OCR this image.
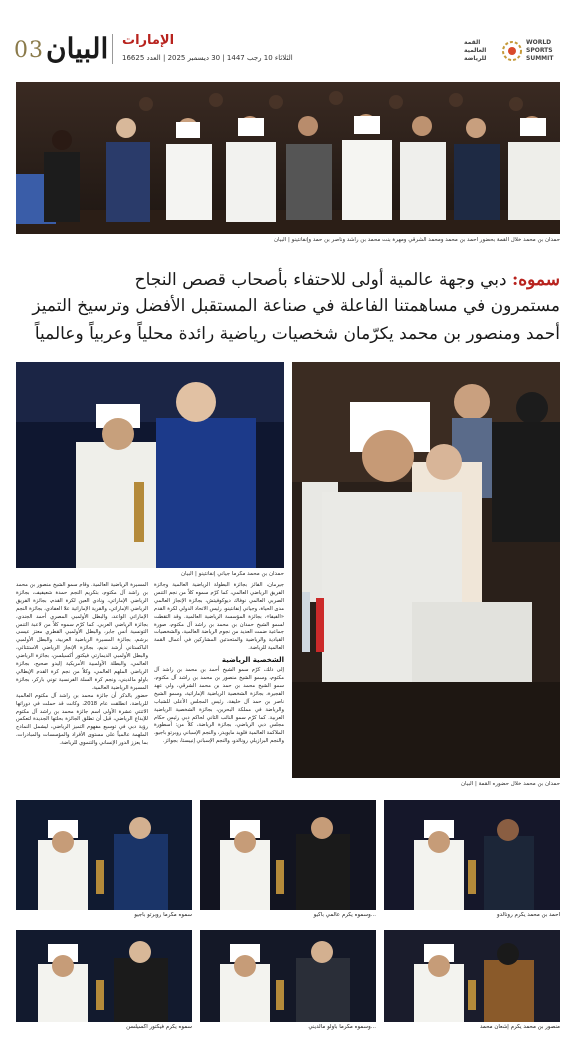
03 البيان الإمارات
الثلاثاء 10 رجب 1447 | 30 ديسمبر 2025 | العدد 16625
القمة
العالمية
للرياضة
WORLD
SPORTS
SUMMIT
حمدان بن محمد خلال القمة بحضور أحمد بن محمد ومحمد الشرقي ومهرة بنت محمد بن راشد وناصر بن حمد وإنفانتينو | البيان
سموه: دبي وجهة عالمية أولى للاحتفاء بأصحاب قصص النجاح
مستمرون في مساهمتنا الفاعلة في صناعة المستقبل الأفضل وترسيخ التميز
أحمد ومنصور بن محمد يكرّمان شخصيات رياضية رائدة محلياً وعربياً وعالمياً
حمدان بن محمد مكرماً جياني إنفانتينو | البيان
حمدان بن محمد خلال حضوره القمة | البيان

جيرمان، الفائز بجائزة البطولة الرياضية العالمية وجائزة الفريق الرياضي العالمي، كما كرّم سموه كلاً من نجم التنس الصربي العالمي نوفاك ديوكوفيتش، بجائزة الإنجاز العالمي مدى الحياة، وجياني إنفانتينو، رئيس الاتحاد الدولي لكرة القدم «الفيفا»، بجائزة المؤسسة الرياضية العالمية. وقد التقطت لسمو الشيخ حمدان بن محمد بن راشد آل مكتوم، صورة جماعية ضمت العديد من نجوم الرياضة العالمية، والشخصيات القيادية والرياضية والمتحدثين المشاركين في أعمال القمة العالمية للرياضة.

الشخصية الرياضية

إلى ذلك، كرّم سمو الشيخ أحمد بن محمد بن راشد آل مكتوم، وسمو الشيخ منصور بن محمد بن راشد آل مكتوم، سمو الشيخ محمد بن حمد بن محمد الشرقي، ولي عهد الفجيرة، بجائزة الشخصية الرياضية الإماراتية، وسمو الشيخ ناصر بن حمد آل خليفة، رئيس المجلس الأعلى للشباب والرياضة في مملكة البحرين، بجائزة الشخصية الرياضية العربية. كما كرّم سمو النائب الثاني لحاكم دبي رئيس حكام مجلس دبي الرياضي، بجائزة الرياضة، كلاً من: أسطورة الملاكمة العالمية فلويد مايويذر، والنجم الإسباني روبرتو باجيو، والنجم البرازيلي رونالدو، والنجم الإسباني إنييستا، بجوائز.

المسيرة الرياضية العالمية. وقام سمو الشيخ منصور بن محمد بن راشد آل مكتوم، بتكريم النجم حمدة شعيفيف، بجائزة الرياضي الإماراتي، ونادي العين لكرة القدم، بجائزة الفريق الرياضي الإماراتي، والقرية الإماراتية علا العفادي، بجائزة النجم الإماراتي الواعد، والبطل الأولمبي المصري أحمد الجندي، بجائزة الرياضي العربي. كما كرّم سموه كلاً من لاعبة التنس التونسية أنس جابر، والبطل الأولمبي القطري معتز عيسى برشم، بجائزة المسيرة الرياضية العربية، والبطل الأولمبي الباكستاني أرشد نديم، بجائزة الإنجاز الرياضي الاستثنائي، والبطل الأولمبي الديمارتي فيكتور أكسيلسن، بجائزة الرياضي العالمي، والبطلة الأولمبية الأمريكية إليدو صحيح، بجائزة الرياضي الملهم العالمي، وكلاً من نجم كرة القدم الإيطالي باولو مالديني، ونجم كرة السلة الفرنسية توني باركر، بجائزة المسيرة الرياضية العالمية.

حضور بالذكر أن جائزة محمد بن راشد آل مكتوم العالمية للرياضة، انطلقت عام 2018، وكانت قد حملت في دوراتها الاثنتي عشرة الأولى اسم جائزة محمد بن راشد آل مكتوم للإبداع الرياضي، قبل أن تطلق الجائزة بحلتها الجديدة لتعكس رؤية دبي في توسيع مفهوم التميز الرياضي، ليشمل النماذج الملهمة عالمياً على مستوى الأفراد والمؤسسات والمبادرات، بما يعزز الدور الإنساني والتنموي للرياضة.

أحمد بن محمد يكرم رونالدو
...وسموه يكرم عالمي باكيو
سموه مكرماً روبرتو باجيو
منصور بن محمد يكرم إشعان محمد
...وسموه مكرماً باولو مالديني
سموه يكرم فيكتور أكسيلسن
